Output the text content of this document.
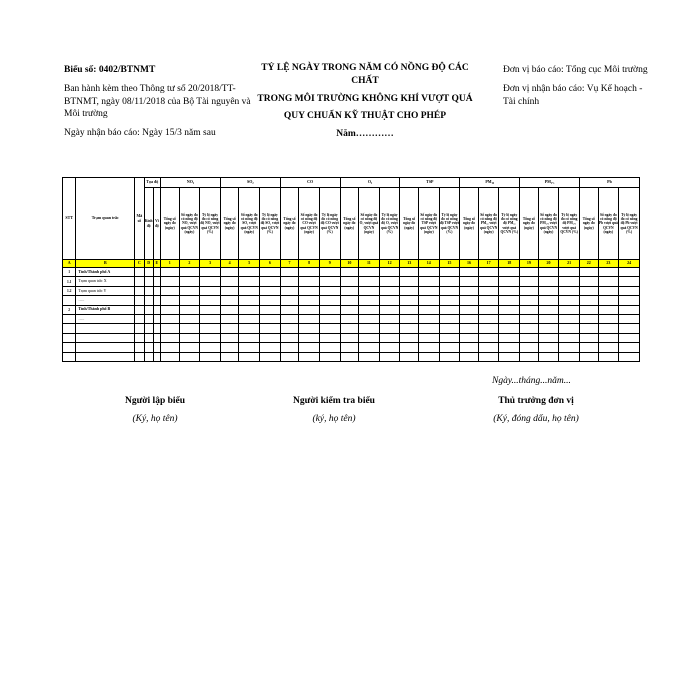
Biểu số: 0402/BTNMT
Ban hành kèm theo Thông tư số 20/2018/TT-BTNMT, ngày 08/11/2018 của Bộ Tài nguyên và Môi trường
Ngày nhận báo cáo: Ngày 15/3 năm sau
TỶ LỆ NGÀY TRONG NĂM CÓ NỒNG ĐỘ CÁC CHẤT
TRONG MÔI TRƯỜNG KHÔNG KHÍ VƯỢT QUÁ
QUY CHUẨN KỸ THUẬT CHO PHÉP
Năm…………
Đơn vị báo cáo: Tổng cục Môi trường
Đơn vị nhận báo cáo: Vụ Kế hoạch - Tài chính
STT	Trạm quan trắc	Mã số	Tọa độ		NO₂			SO₂			CO			O₃			TSP			PM₁₀			PM₂.₅			Pb		
			Kinh độ	Vĩ độ	Tổng số ngày đo (ngày)	Số ngày đo có nồng độ NO₂ vượt quá QCVN (ngày)	Tỷ lệ ngày đo có nồng độ NO₂ vượt quá QCVN (%)	Tổng số ngày đo (ngày)	Số ngày đo có nồng độ SO₂ vượt quá QCVN (ngày)	Tỷ lệ ngày đo có nồng độ SO₂ vượt quá QCVN (%)	Tổng số ngày đo (ngày)	Số ngày đo có nồng độ CO vượt quá QCVN (ngày)	Tỷ lệ ngày đo có nồng độ CO vượt quá QCVN (%)	Tổng số ngày đo (ngày)	Số ngày đo có nồng độ O₃ vượt quá QCVN (ngày)	Tỷ lệ ngày đo có nồng độ O₃ vượt quá QCVN (%)	Tổng số ngày đo (ngày)	Số ngày đo có nồng độ TSP vượt quá QCVN (ngày)	Tỷ lệ ngày đo có nồng độ TSP vượt quá QCVN (%)	Tổng số ngày đo (ngày)	Số ngày đo có nồng độ PM₁₀ vượt quá QCVN (ngày)	Tỷ lệ ngày đo có nồng độ PM₁₀ vượt quá QCVN (%)	Tổng số ngày đo (ngày)	Số ngày đo có nồng độ PM₂.₅ vượt quá QCVN (ngày)	Tỷ lệ ngày đo có nồng độ PM₂.₅ vượt quá QCVN (%)	Tổng số ngày đo (ngày)	Số ngày đo có nồng độ Pb vượt quá QCVN (ngày)	Tỷ lệ ngày đo có nồng độ Pb vượt quá QCVN (%)
A	B	C	D	E	1	2	3	4	5	6	7	8	9	10	11	12	13	14	15	16	17	18	19	20	21	22	23	24
1	Tỉnh/Thành phố A																											
1.1	Trạm quan trắc X																											
1.2	Trạm quan trắc Y																											
	…..																											
2	Tỉnh/Thành phố B																											
	…..																											

Ngày...tháng...năm...
Người lập biểu
(Ký, họ tên)
Người kiểm tra biểu
(ký, họ tên)
Thủ trưởng đơn vị
(Ký, đóng dấu, họ tên)
